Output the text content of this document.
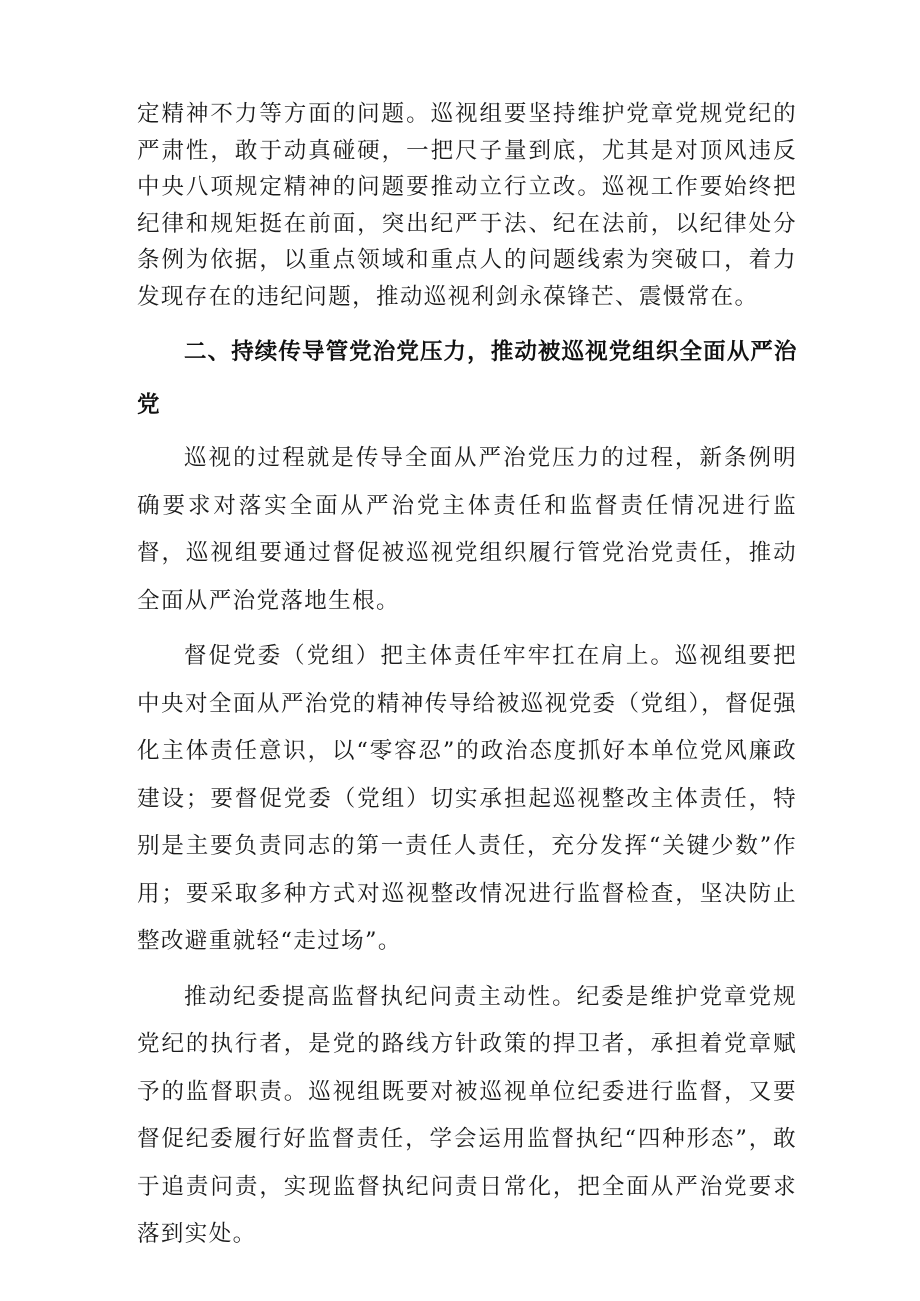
定精神不力等方面的问题。巡视组要坚持维护党章党规党纪的严肃性，敢于动真碰硬，一把尺子量到底，尤其是对顶风违反中央八项规定精神的问题要推动立行立改。巡视工作要始终把纪律和规矩挺在前面，突出纪严于法、纪在法前，以纪律处分条例为依据，以重点领域和重点人的问题线索为突破口，着力发现存在的违纪问题，推动巡视利剑永葆锋芒、震慑常在。

二、持续传导管党治党压力，推动被巡视党组织全面从严治党

巡视的过程就是传导全面从严治党压力的过程，新条例明确要求对落实全面从严治党主体责任和监督责任情况进行监督，巡视组要通过督促被巡视党组织履行管党治党责任，推动全面从严治党落地生根。

督促党委（党组）把主体责任牢牢扛在肩上。巡视组要把中央对全面从严治党的精神传导给被巡视党委（党组），督促强化主体责任意识，以“零容忍”的政治态度抓好本单位党风廉政建设；要督促党委（党组）切实承担起巡视整改主体责任，特别是主要负责同志的第一责任人责任，充分发挥“关键少数”作用；要采取多种方式对巡视整改情况进行监督检查，坚决防止整改避重就轻“走过场”。

推动纪委提高监督执纪问责主动性。纪委是维护党章党规党纪的执行者，是党的路线方针政策的捍卫者，承担着党章赋予的监督职责。巡视组既要对被巡视单位纪委进行监督，又要督促纪委履行好监督责任，学会运用监督执纪“四种形态”，敢于追责问责，实现监督执纪问责日常化，把全面从严治党要求落到实处。
